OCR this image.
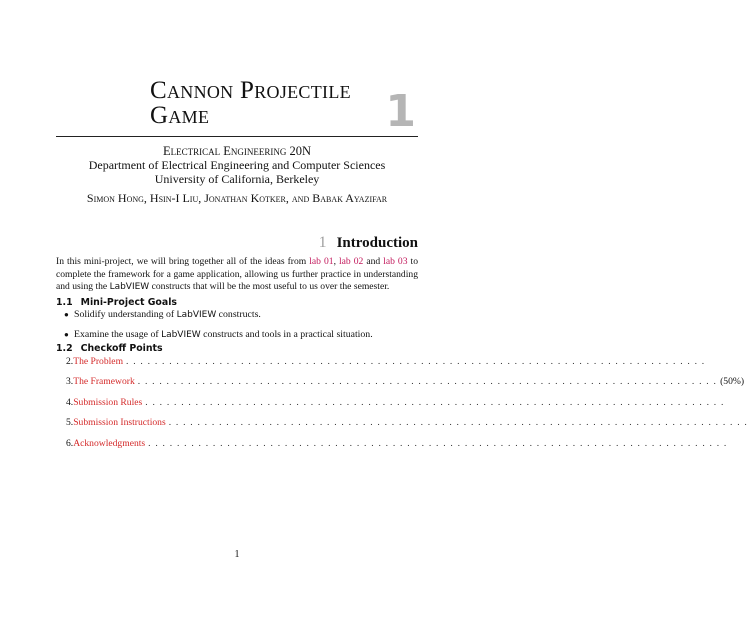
Cannon Projectile Game	1
Electrical Engineering 20N
Department of Electrical Engineering and Computer Sciences
University of California, Berkeley
Simon Hong, Hsin-I Liu, Jonathan Kotker, and Babak Ayazifar
1 Introduction
In this mini-project, we will bring together all of the ideas from lab 01, lab 02 and lab 03 to complete the framework for a game application, allowing us further practice in understanding and using the LabVIEW constructs that will be the most useful to us over the semester.
1.1 Mini-Project Goals
● Solidify understanding of LabVIEW constructs.
● Examine the usage of LabVIEW constructs and tools in a practical situation.
1.2 Checkoff Points
2. The Problem . . . . . . . . . . . . . . . . . . . . . . . . . . . . . . . . . . . . . . . . . . . . . . . . . . . . . . . . . . . . . . . . . . . . . . . . . . . . . . . . .
3. The Framework . . . . . . . . . . . . . . . . . . . . . . . . . . . . . . . . . . . . . . . . . . . . . . . . . . . . . . . . . . . . . . . . . . . . . . . . . . . . . . . . . (50%)
4. Submission Rules . . . . . . . . . . . . . . . . . . . . . . . . . . . . . . . . . . . . . . . . . . . . . . . . . . . . . . . . . . . . . . . . . . . . . . . . . . . . . . . . .
5. Submission Instructions . . . . . . . . . . . . . . . . . . . . . . . . . . . . . . . . . . . . . . . . . . . . . . . . . . . . . . . . . . . . . . . . . . . . . . . . . . . . . . . . .
6. Acknowledgments . . . . . . . . . . . . . . . . . . . . . . . . . . . . . . . . . . . . . . . . . . . . . . . . . . . . . . . . . . . . . . . . . . . . . . . . . . . . . . . . .
1
